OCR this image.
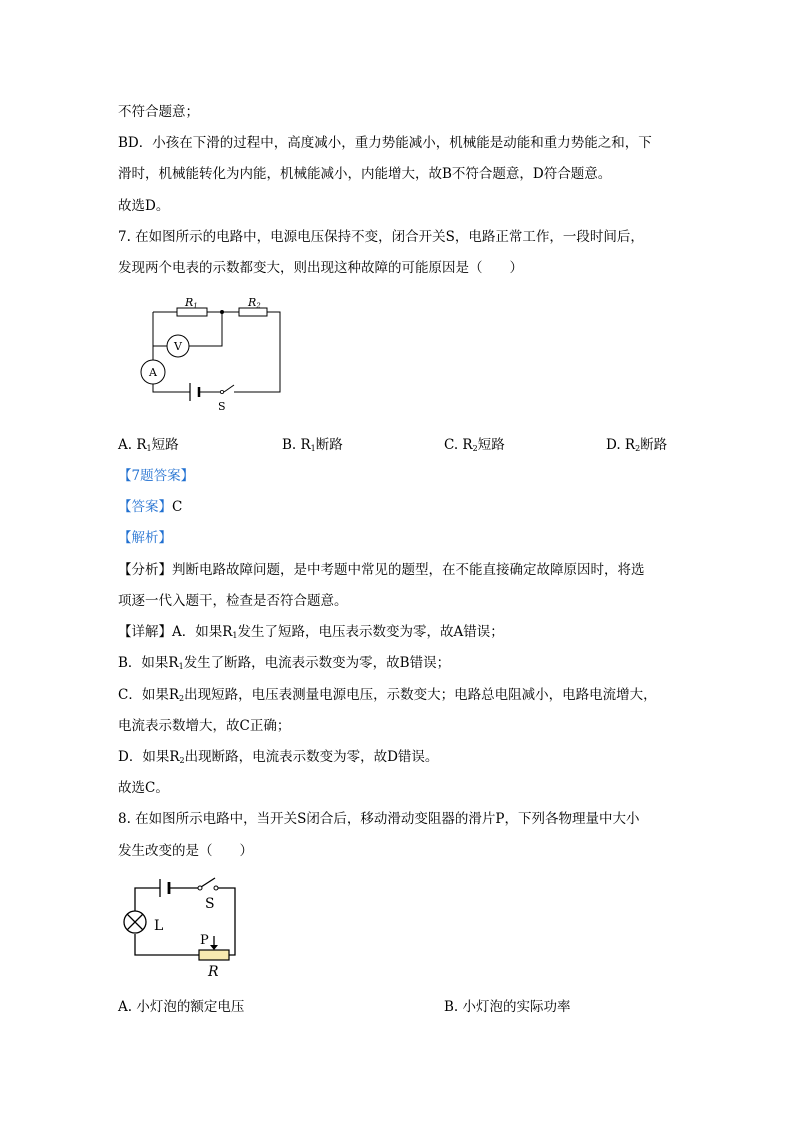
不符合题意；
BD．小孩在下滑的过程中，高度减小，重力势能减小，机械能是动能和重力势能之和，下
滑时，机械能转化为内能，机械能减小，内能增大，故B不符合题意，D符合题意。
故选D。
7. 在如图所示的电路中，电源电压保持不变，闭合开关S，电路正常工作，一段时间后，
发现两个电表的示数都变大，则出现这种故障的可能原因是（　　）
R1	R2
V
A
S
A. $R_1$短路	B. $R_1$断路	C. $R_2$短路	D. $R_2$断路
【7题答案】
【答案】C
【解析】
【分析】判断电路故障问题，是中考题中常见的题型，在不能直接确定故障原因时，将选
项逐一代入题干，检查是否符合题意。
【详解】A．如果$R_1$发生了短路，电压表示数变为零，故A错误；
B．如果$R_1$发生了断路，电流表示数变为零，故B错误；
C．如果$R_2$出现短路，电压表测量电源电压，示数变大；电路总电阻减小，电路电流增大，
电流表示数增大，故C正确；
D．如果$R_2$出现断路，电流表示数变为零，故D错误。
故选C。
8. 在如图所示电路中，当开关S闭合后，移动滑动变阻器的滑片P，下列各物理量中大小
发生改变的是（　　）
L
S
P
R
A. 小灯泡的额定电压	B. 小灯泡的实际功率
